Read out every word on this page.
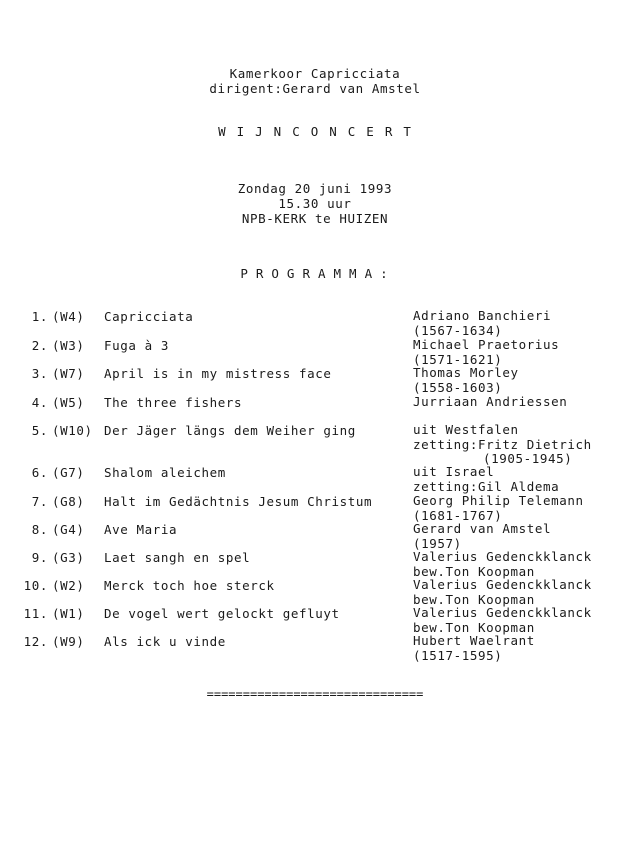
Kamerkoor Capricciata
dirigent:Gerard van Amstel
WIJNCONCERT
Zondag 20 juni 1993
15.30 uur
NPB-KERK te HUIZEN
PROGRAMMA:
1. (W4) Capricciata	Adriano Banchieri
(1567-1634)
2. (W3) Fuga à 3	Michael Praetorius
(1571-1621)
3. (W7) April is in my mistress face	Thomas Morley
(1558-1603)
4. (W5) The three fishers	Jurriaan Andriessen
5. (W10) Der Jäger längs dem Weiher ging	uit Westfalen
zetting:Fritz Dietrich
(1905-1945)
6. (G7) Shalom aleichem	uit Israel
zetting:Gil Aldema
7. (G8) Halt im Gedächtnis Jesum Christum	Georg Philip Telemann
(1681-1767)
8. (G4) Ave Maria	Gerard van Amstel
(1957)
9. (G3) Laet sangh en spel	Valerius Gedenckklanck
bew.Ton Koopman
10. (W2) Merck toch hoe sterck	Valerius Gedenckklanck
bew.Ton Koopman
11. (W1) De vogel wert gelockt gefluyt	Valerius Gedenckklanck
bew.Ton Koopman
12. (W9) Als ick u vinde	Hubert Waelrant
(1517-1595)
==============================
